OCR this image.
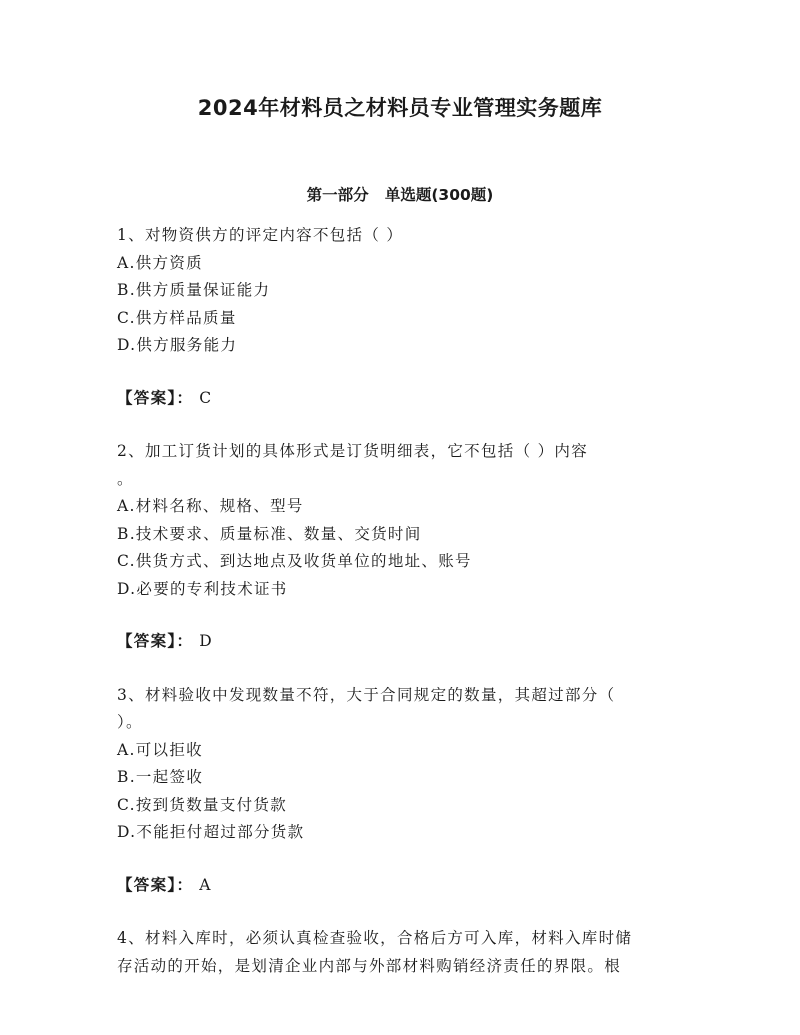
2024年材料员之材料员专业管理实务题库
第一部分   单选题(300题)

1、对物资供方的评定内容不包括（ ）

A.供方资质

B.供方质量保证能力

C.供方样品质量

D.供方服务能力

【答案】： C

2、加工订货计划的具体形式是订货明细表，它不包括（ ）内容

。

A.材料名称、规格、型号

B.技术要求、质量标准、数量、交货时间

C.供货方式、到达地点及收货单位的地址、账号

D.必要的专利技术证书

【答案】： D

3、材料验收中发现数量不符，大于合同规定的数量，其超过部分（

）。

A.可以拒收

B.一起签收

C.按到货数量支付货款

D.不能拒付超过部分货款

【答案】： A

4、材料入库时，必须认真检查验收，合格后方可入库，材料入库时储

存活动的开始，是划清企业内部与外部材料购销经济责任的界限。根
